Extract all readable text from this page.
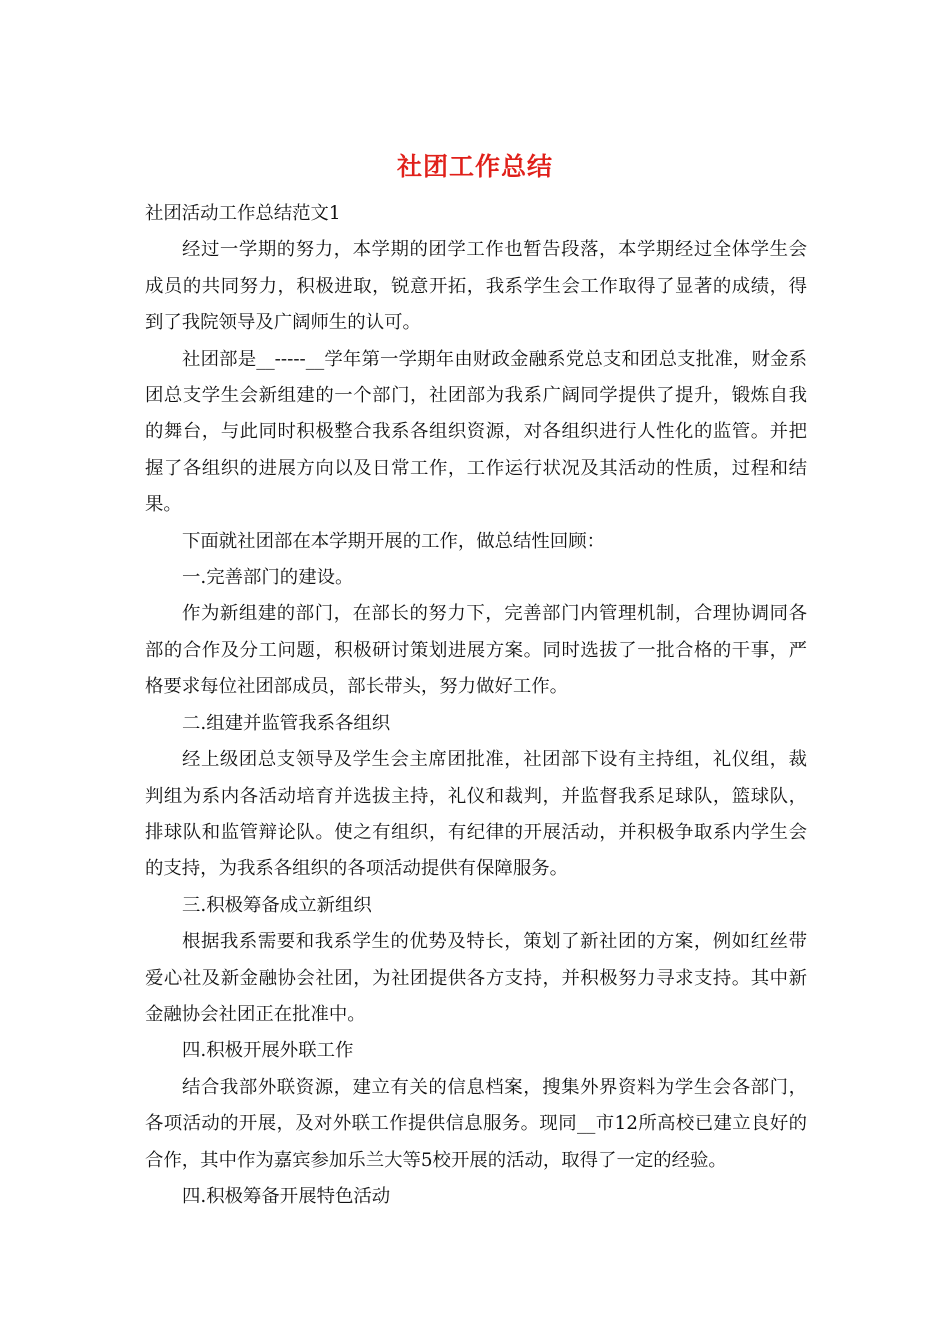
社团工作总结

社团活动工作总结范文1

经过一学期的努力，本学期的团学工作也暂告段落，本学期经过全体学生会成员的共同努力，积极进取，锐意开拓，我系学生会工作取得了显著的成绩，得到了我院领导及广阔师生的认可。

社团部是__-----__学年第一学期年由财政金融系党总支和团总支批准，财金系团总支学生会新组建的一个部门，社团部为我系广阔同学提供了提升，锻炼自我的舞台，与此同时积极整合我系各组织资源，对各组织进行人性化的监管。并把握了各组织的进展方向以及日常工作，工作运行状况及其活动的性质，过程和结果。

下面就社团部在本学期开展的工作，做总结性回顾：

一.完善部门的建设。

作为新组建的部门，在部长的努力下，完善部门内管理机制，合理协调同各部的合作及分工问题，积极研讨策划进展方案。同时选拔了一批合格的干事，严格要求每位社团部成员，部长带头，努力做好工作。

二.组建并监管我系各组织

经上级团总支领导及学生会主席团批准，社团部下设有主持组，礼仪组，裁判组为系内各活动培育并选拔主持，礼仪和裁判，并监督我系足球队，篮球队，排球队和监管辩论队。使之有组织，有纪律的开展活动，并积极争取系内学生会的支持，为我系各组织的各项活动提供有保障服务。

三.积极筹备成立新组织

根据我系需要和我系学生的优势及特长，策划了新社团的方案，例如红丝带爱心社及新金融协会社团，为社团提供各方支持，并积极努力寻求支持。其中新金融协会社团正在批准中。

四.积极开展外联工作

结合我部外联资源，建立有关的信息档案，搜集外界资料为学生会各部门，各项活动的开展，及对外联工作提供信息服务。现同__市12所高校已建立良好的合作，其中作为嘉宾参加乐兰大等5校开展的活动，取得了一定的经验。

四.积极筹备开展特色活动
